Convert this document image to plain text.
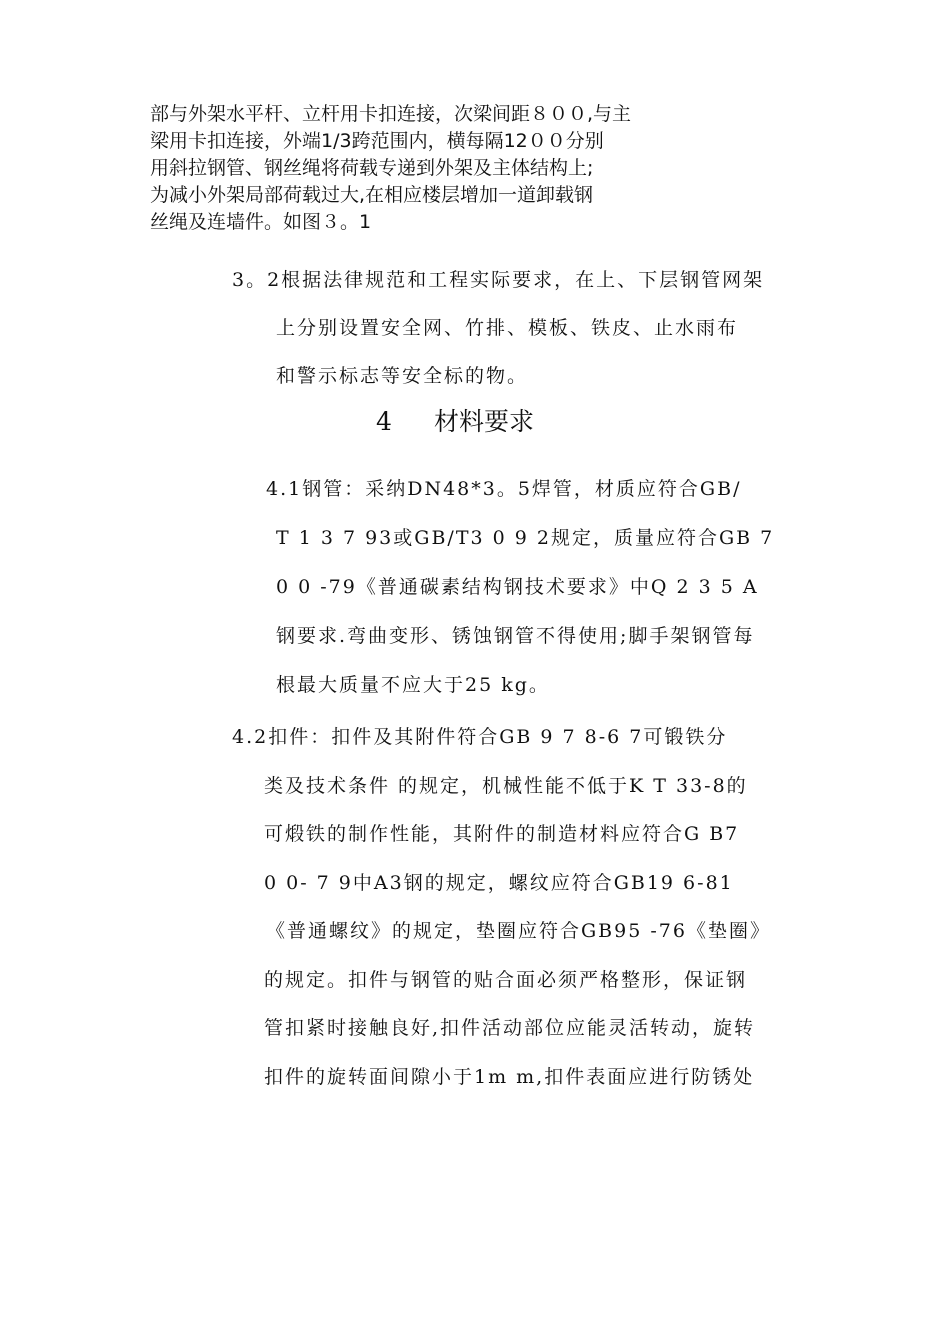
部与外架水平杆、立杆用卡扣连接，次梁间距８００,与主
梁用卡扣连接，外端1/3跨范围内，横每隔12００分别
用斜拉钢管、钢丝绳将荷载专递到外架及主体结构上;
为减小外架局部荷载过大,在相应楼层增加一道卸载钢
丝绳及连墙件。如图３。1
3。2根据法律规范和工程实际要求，在上、下层钢管网架
上分别设置安全网、竹排、模板、铁皮、止水雨布
和警示标志等安全标的物。
4 材料要求
4.1钢管：采纳DN48*3。5焊管，材质应符合GB/
T 1 3 7 93或GB/T3 0 9 2规定，质量应符合GB 7
0 0 -79《普通碳素结构钢技术要求》中Q 2 3 5 A
钢要求.弯曲变形、锈蚀钢管不得使用;脚手架钢管每
根最大质量不应大于25 kg。
4.2扣件：扣件及其附件符合GB 9 7 8-6 7可锻铁分
类及技术条件 的规定，机械性能不低于K T 33-8的
可煅铁的制作性能，其附件的制造材料应符合G B7
0 0- 7 9中A3钢的规定，螺纹应符合GB19 6-81
《普通螺纹》的规定，垫圈应符合GB95 -76《垫圈》
的规定。扣件与钢管的贴合面必须严格整形，保证钢
管扣紧时接触良好,扣件活动部位应能灵活转动，旋转
扣件的旋转面间隙小于1m m,扣件表面应进行防锈处
